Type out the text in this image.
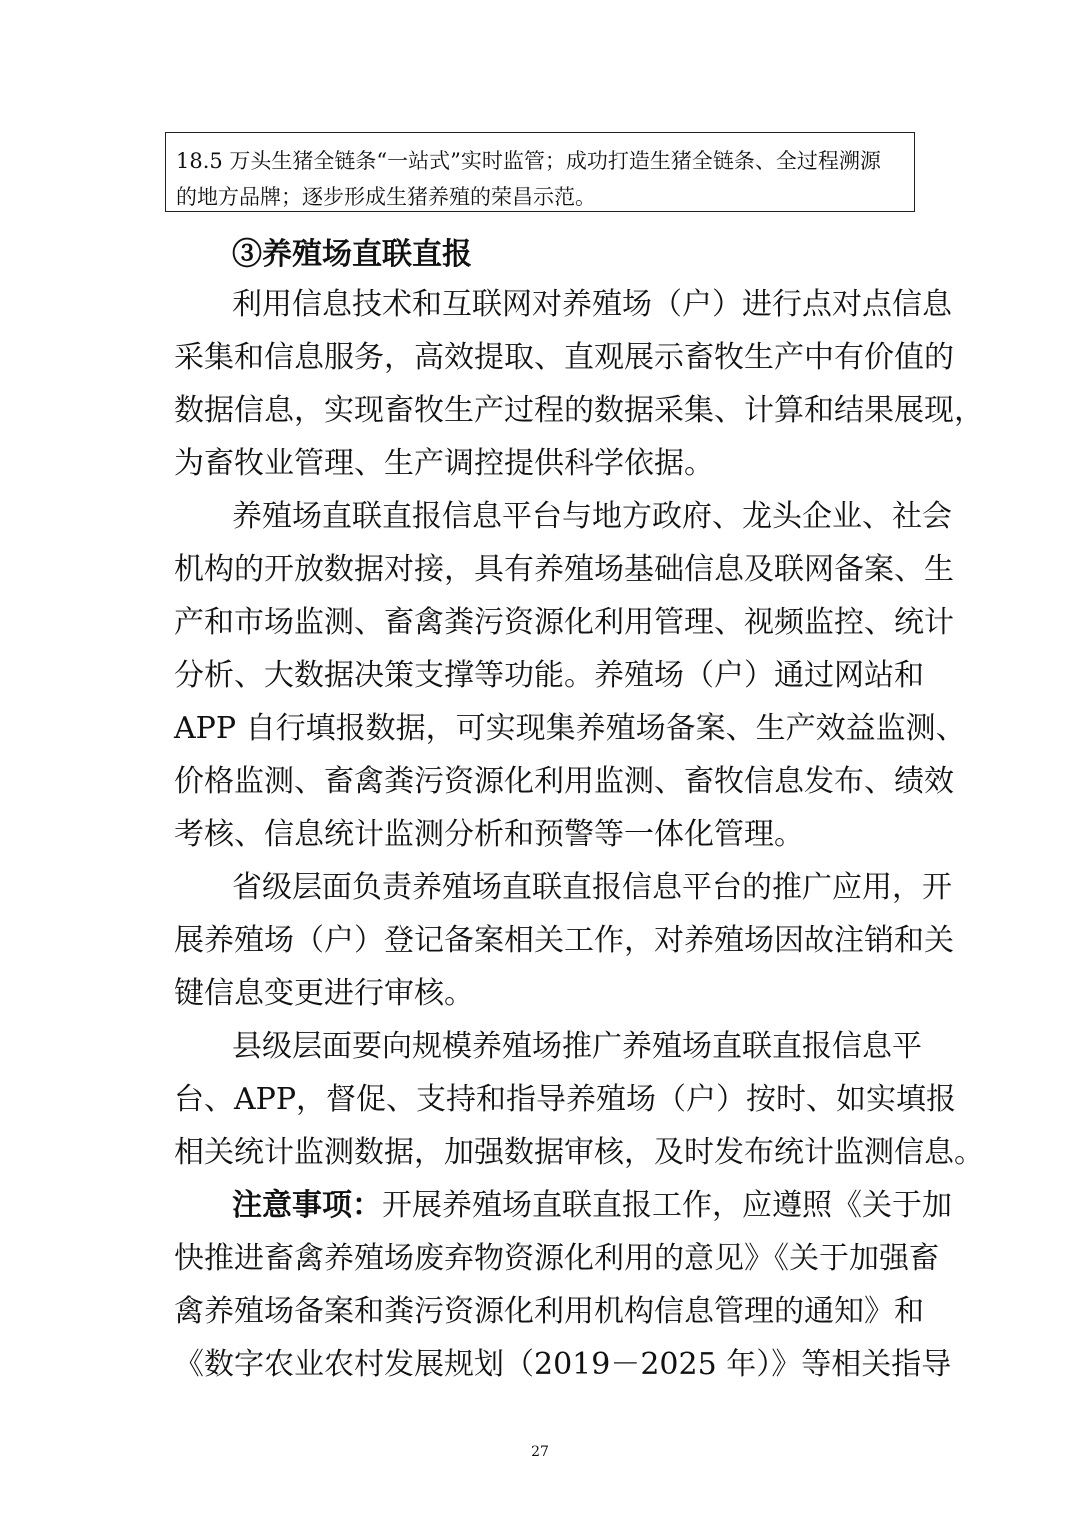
18.5 万头生猪全链条“一站式”实时监管；成功打造生猪全链条、全过程溯源

的地方品牌；逐步形成生猪养殖的荣昌示范。

③养殖场直联直报
利用信息技术和互联网对养殖场（户）进行点对点信息
采集和信息服务，高效提取、直观展示畜牧生产中有价值的
数据信息，实现畜牧生产过程的数据采集、计算和结果展现，
为畜牧业管理、生产调控提供科学依据。
养殖场直联直报信息平台与地方政府、龙头企业、社会
机构的开放数据对接，具有养殖场基础信息及联网备案、生
产和市场监测、畜禽粪污资源化利用管理、视频监控、统计
分析、大数据决策支撑等功能。养殖场（户）通过网站和
APP 自行填报数据，可实现集养殖场备案、生产效益监测、
价格监测、畜禽粪污资源化利用监测、畜牧信息发布、绩效
考核、信息统计监测分析和预警等一体化管理。
省级层面负责养殖场直联直报信息平台的推广应用，开
展养殖场（户）登记备案相关工作，对养殖场因故注销和关
键信息变更进行审核。
县级层面要向规模养殖场推广养殖场直联直报信息平
台、APP，督促、支持和指导养殖场（户）按时、如实填报
相关统计监测数据，加强数据审核，及时发布统计监测信息。
注意事项：开展养殖场直联直报工作，应遵照《关于加
快推进畜禽养殖场废弃物资源化利用的意见》《关于加强畜
禽养殖场备案和粪污资源化利用机构信息管理的通知》和
《数字农业农村发展规划（2019－2025 年）》等相关指导
27
